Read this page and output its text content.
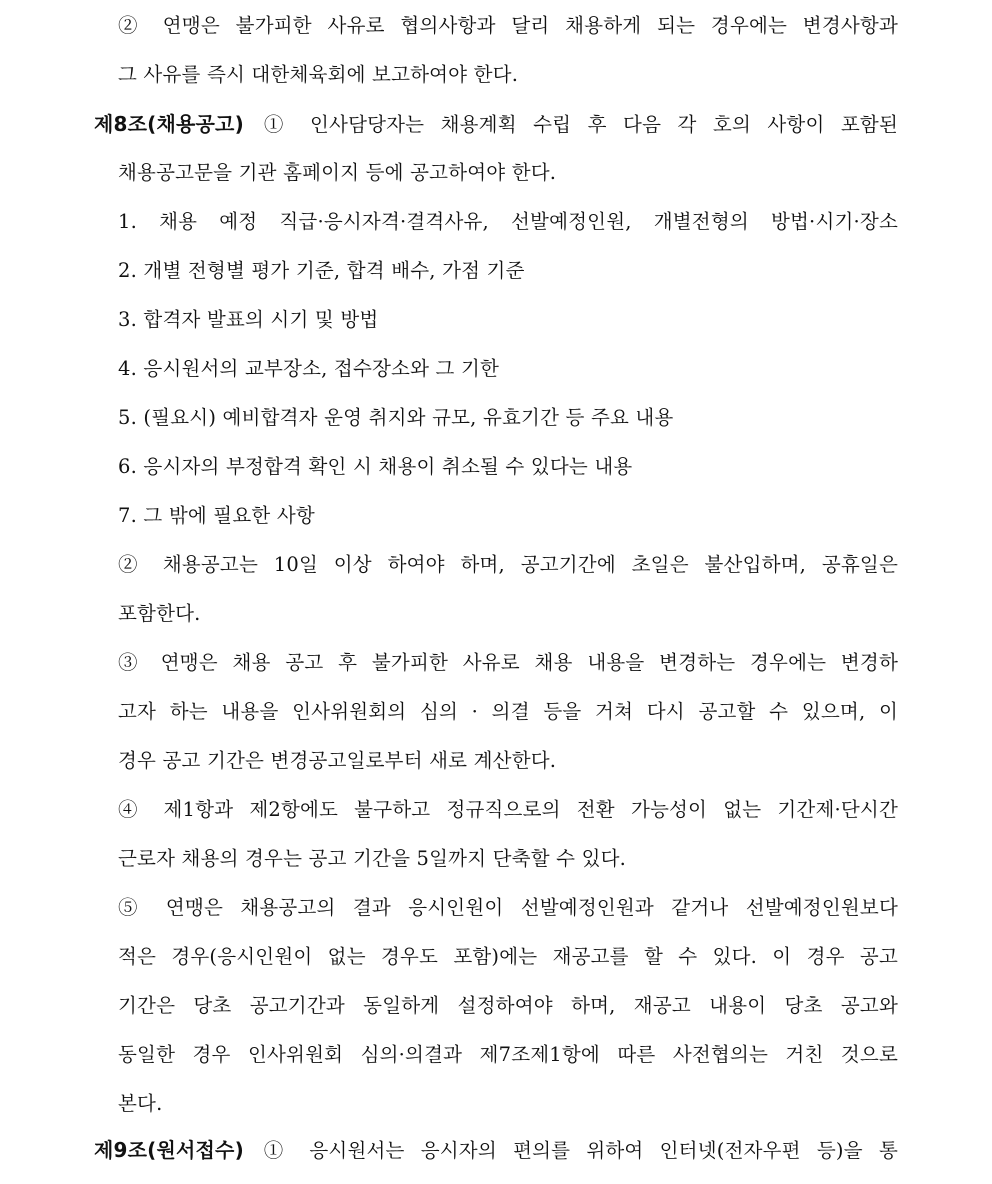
② 연맹은 불가피한 사유로 협의사항과 달리 채용하게 되는 경우에는 변경사항과
그 사유를 즉시 대한체육회에 보고하여야 한다.
제8조(채용공고) ① 인사담당자는 채용계획 수립 후 다음 각 호의 사항이 포함된
채용공고문을 기관 홈페이지 등에 공고하여야 한다.
1. 채용 예정 직급·응시자격·결격사유, 선발예정인원, 개별전형의 방법·시기·장소
2. 개별 전형별 평가 기준, 합격 배수, 가점 기준
3. 합격자 발표의 시기 및 방법
4. 응시원서의 교부장소, 접수장소와 그 기한
5. (필요시) 예비합격자 운영 취지와 규모, 유효기간 등 주요 내용
6. 응시자의 부정합격 확인 시 채용이 취소될 수 있다는 내용
7. 그 밖에 필요한 사항
② 채용공고는 10일 이상 하여야 하며, 공고기간에 초일은 불산입하며, 공휴일은
포함한다.
③ 연맹은 채용 공고 후 불가피한 사유로 채용 내용을 변경하는 경우에는 변경하
고자 하는 내용을 인사위원회의 심의 · 의결 등을 거쳐 다시 공고할 수 있으며, 이
경우 공고 기간은 변경공고일로부터 새로 계산한다.
④ 제1항과 제2항에도 불구하고 정규직으로의 전환 가능성이 없는 기간제·단시간
근로자 채용의 경우는 공고 기간을 5일까지 단축할 수 있다.
⑤ 연맹은 채용공고의 결과 응시인원이 선발예정인원과 같거나 선발예정인원보다
적은 경우(응시인원이 없는 경우도 포함)에는 재공고를 할 수 있다. 이 경우 공고
기간은 당초 공고기간과 동일하게 설정하여야 하며, 재공고 내용이 당초 공고와
동일한 경우 인사위원회 심의·의결과 제7조제1항에 따른 사전협의는 거친 것으로
본다.
제9조(원서접수) ① 응시원서는 응시자의 편의를 위하여 인터넷(전자우편 등)을 통
